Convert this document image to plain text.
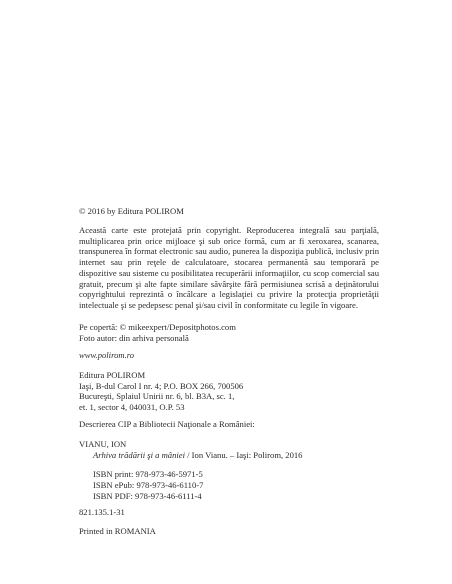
© 2016 by Editura POLIROM

Această carte este protejată prin copyright. Reproducerea integrală sau parţială, multiplicarea prin orice mijloace şi sub orice formă, cum ar fi xeroxarea, scanarea, transpunerea în format electronic sau audio, punerea la dispoziţia publică, inclusiv prin internet sau prin reţele de calculatoare, stocarea permanentă sau temporară pe dispozitive sau sisteme cu posibilitatea recuperării informaţiilor, cu scop comercial sau gratuit, precum şi alte fapte similare săvârşite fără permisiunea scrisă a deţinătorului copyrightului reprezintă o încălcare a legislaţiei cu privire la protecţia proprietăţii intelectuale şi se pedepsesc penal şi/sau civil în conformitate cu legile în vigoare.

Pe copertă: © mikeexpert/Depositphotos.com

Foto autor: din arhiva personală

www.polirom.ro

Editura POLIROM

Iaşi, B-dul Carol I nr. 4; P.O. BOX 266, 700506

Bucureşti, Splaiul Unirii nr. 6, bl. B3A, sc. 1,

et. 1, sector 4, 040031, O.P. 53

Descrierea CIP a Bibliotecii Naţionale a României:

VIANU, ION

Arhiva trădării şi a mâniei / Ion Vianu. – Iaşi: Polirom, 2016

ISBN print: 978-973-46-5971-5

ISBN ePub: 978-973-46-6110-7

ISBN PDF: 978-973-46-6111-4

821.135.1-31

Printed in ROMANIA
